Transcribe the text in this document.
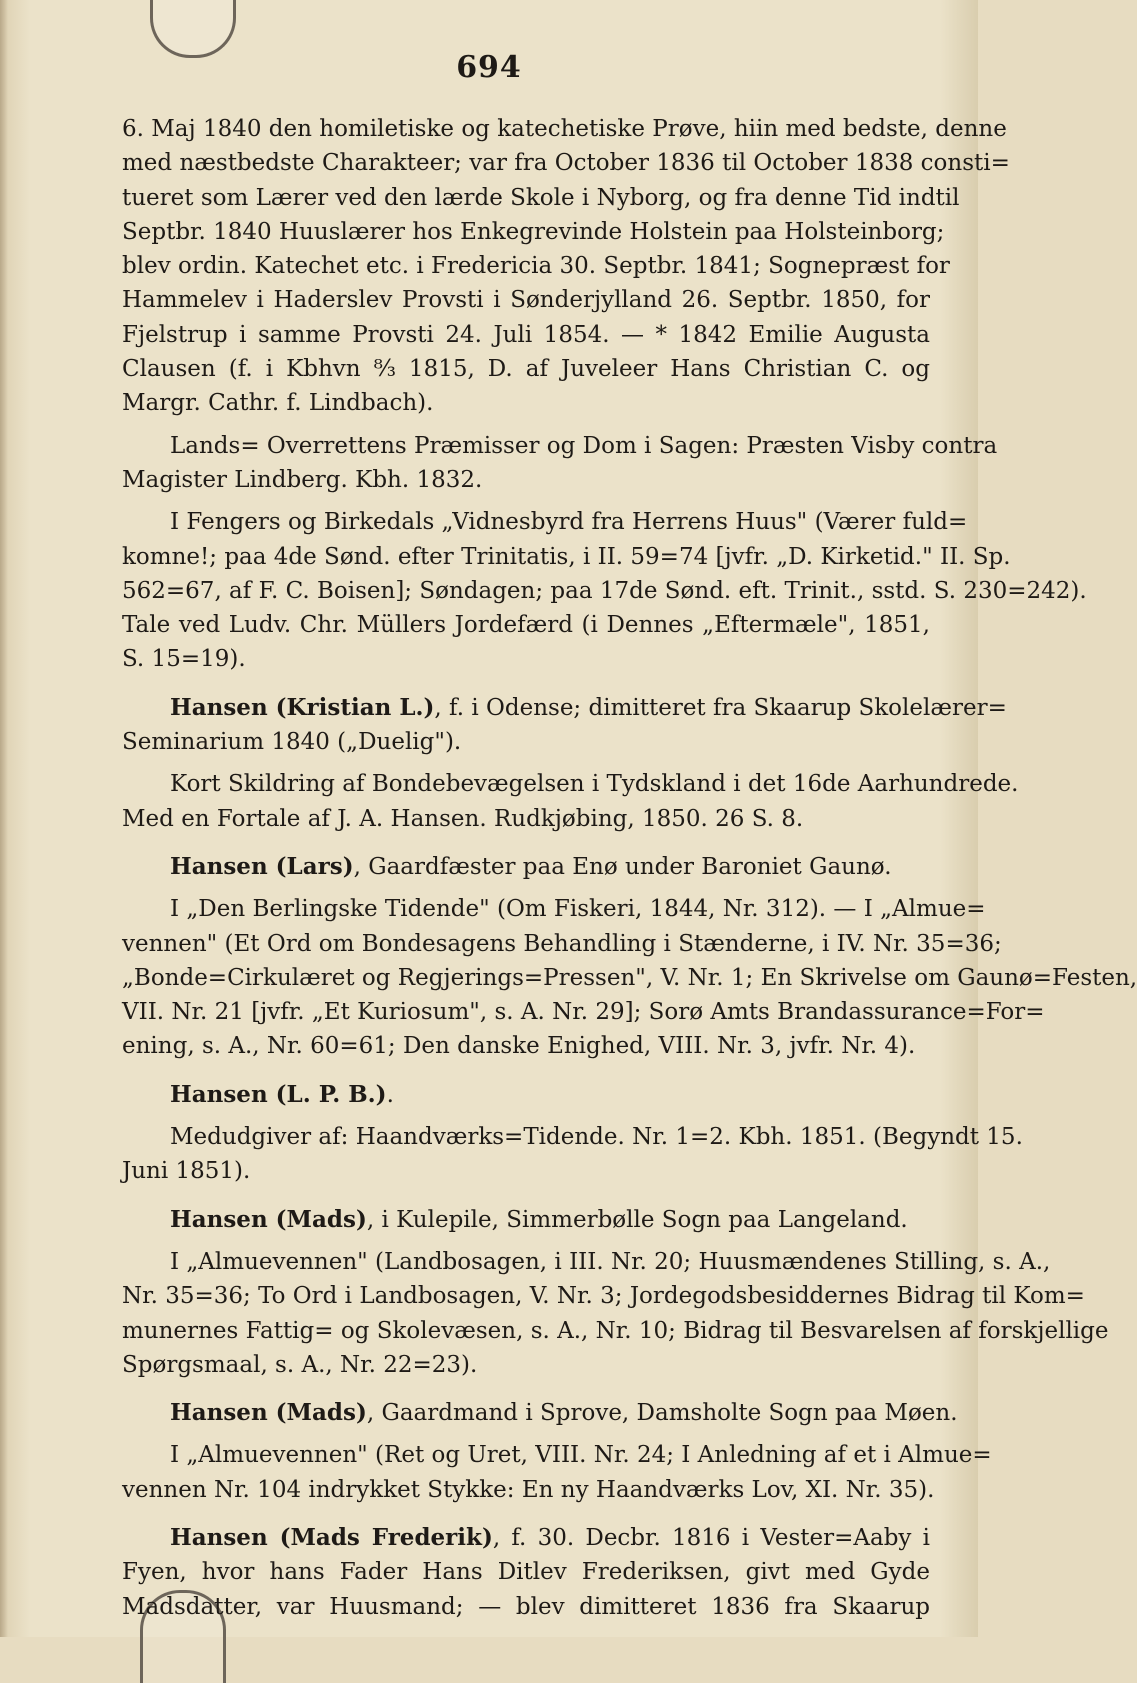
694
6. Maj 1840 den homiletiske og katechetiske Prøve, hiin med bedste, denne
med næstbedste Charakteer; var fra October 1836 til October 1838 consti=
tueret som Lærer ved den lærde Skole i Nyborg, og fra denne Tid indtil
Septbr. 1840 Huuslærer hos Enkegrevinde Holstein paa Holsteinborg;
blev ordin. Katechet etc. i Fredericia 30. Septbr. 1841; Sognepræst for
Hammelev i Haderslev Provsti i Sønderjylland 26. Septbr. 1850, for
Fjelstrup i samme Provsti 24. Juli 1854. — * 1842 Emilie Augusta
Clausen (f. i Kbhvn ⁸⁄₃ 1815, D. af Juveleer Hans Christian C. og
Margr. Cathr. f. Lindbach).
Lands= Overrettens Præmisser og Dom i Sagen: Præsten Visby contra
Magister Lindberg. Kbh. 1832.
I Fengers og Birkedals „Vidnesbyrd fra Herrens Huus" (Værer fuld=
komne!; paa 4de Sønd. efter Trinitatis, i II. 59=74 [jvfr. „D. Kirketid." II. Sp.
562=67, af F. C. Boisen]; Søndagen; paa 17de Sønd. eft. Trinit., sstd. S. 230=242).
Tale ved Ludv. Chr. Müllers Jordefærd (i Dennes „Eftermæle", 1851,
S. 15=19).
Hansen (Kristian L.), f. i Odense; dimitteret fra Skaarup Skolelærer=
Seminarium 1840 („Duelig").
Kort Skildring af Bondebevægelsen i Tydskland i det 16de Aarhundrede.
Med en Fortale af J. A. Hansen. Rudkjøbing, 1850. 26 S. 8.
Hansen (Lars), Gaardfæster paa Enø under Baroniet Gaunø.
I „Den Berlingske Tidende" (Om Fiskeri, 1844, Nr. 312). — I „Almue=
vennen" (Et Ord om Bondesagens Behandling i Stænderne, i IV. Nr. 35=36;
„Bonde=Cirkulæret og Regjerings=Pressen", V. Nr. 1; En Skrivelse om Gaunø=Festen,
VII. Nr. 21 [jvfr. „Et Kuriosum", s. A. Nr. 29]; Sorø Amts Brandassurance=For=
ening, s. A., Nr. 60=61; Den danske Enighed, VIII. Nr. 3, jvfr. Nr. 4).
Hansen (L. P. B.).
Medudgiver af: Haandværks=Tidende. Nr. 1=2. Kbh. 1851. (Begyndt 15.
Juni 1851).
Hansen (Mads), i Kulepile, Simmerbølle Sogn paa Langeland.
I „Almuevennen" (Landbosagen, i III. Nr. 20; Huusmændenes Stilling, s. A.,
Nr. 35=36; To Ord i Landbosagen, V. Nr. 3; Jordegodsbesiddernes Bidrag til Kom=
munernes Fattig= og Skolevæsen, s. A., Nr. 10; Bidrag til Besvarelsen af forskjellige
Spørgsmaal, s. A., Nr. 22=23).
Hansen (Mads), Gaardmand i Sprove, Damsholte Sogn paa Møen.
I „Almuevennen" (Ret og Uret, VIII. Nr. 24; I Anledning af et i Almue=
vennen Nr. 104 indrykket Stykke: En ny Haandværks Lov, XI. Nr. 35).
Hansen (Mads Frederik), f. 30. Decbr. 1816 i Vester=Aaby i
Fyen, hvor hans Fader Hans Ditlev Frederiksen, givt med Gyde
Madsdatter, var Huusmand; — blev dimitteret 1836 fra Skaarup
